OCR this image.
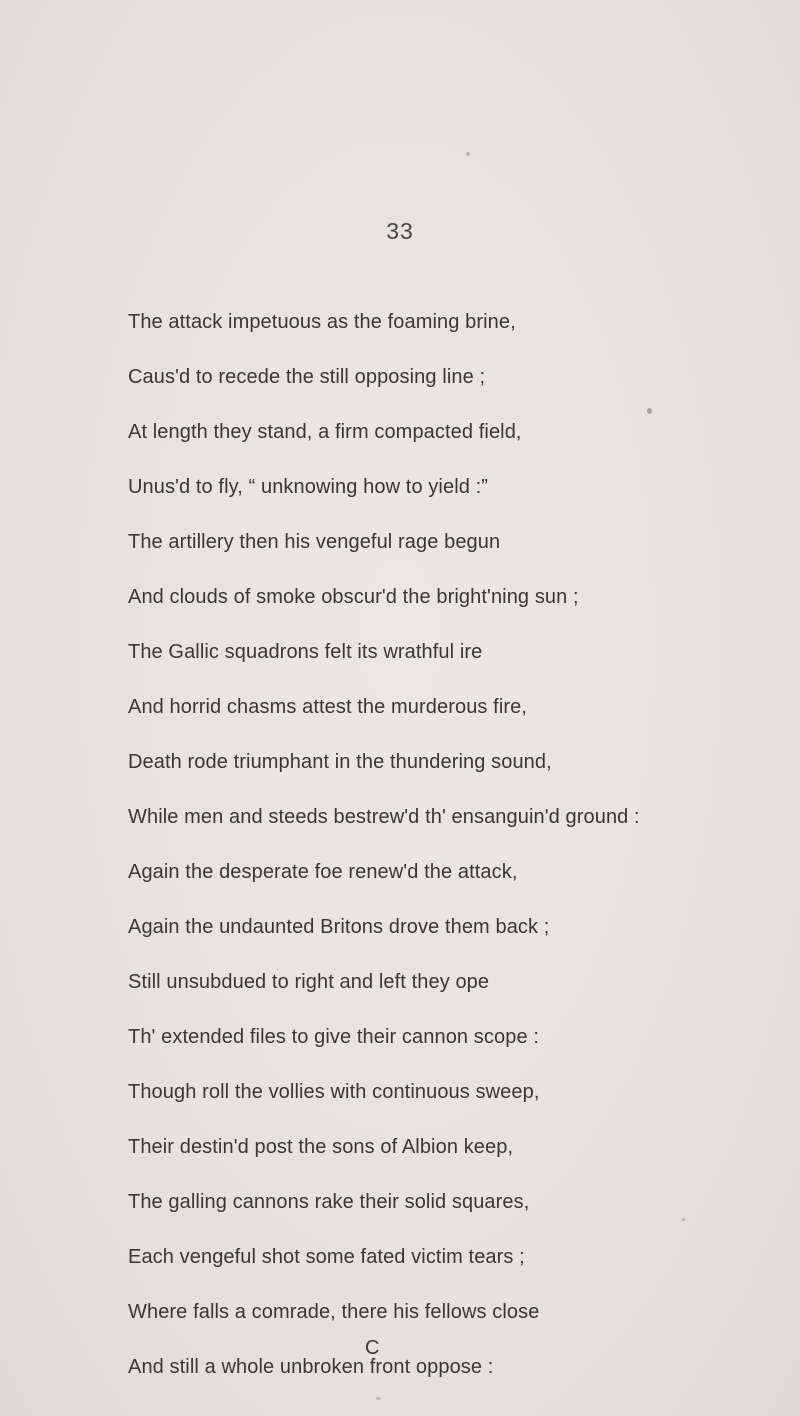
33
The attack impetuous as the foaming brine,
Caus'd to recede the still opposing line ;
At length they stand, a firm compacted field,
Unus'd to fly, “ unknowing how to yield :”
The artillery then his vengeful rage begun
And clouds of smoke obscur'd the bright'ning sun ;
The Gallic squadrons felt its wrathful ire
And horrid chasms attest the murderous fire,
Death rode triumphant in the thundering sound,
While men and steeds bestrew'd th' ensanguin'd ground :
Again the desperate foe renew'd the attack,
Again the undaunted Britons drove them back ;
Still unsubdued to right and left they ope
Th' extended files to give their cannon scope :
Though roll the vollies with continuous sweep,
Their destin'd post the sons of Albion keep,
The galling cannons rake their solid squares,
Each vengeful shot some fated victim tears ;
Where falls a comrade, there his fellows close
And still a whole unbroken front oppose :
C
